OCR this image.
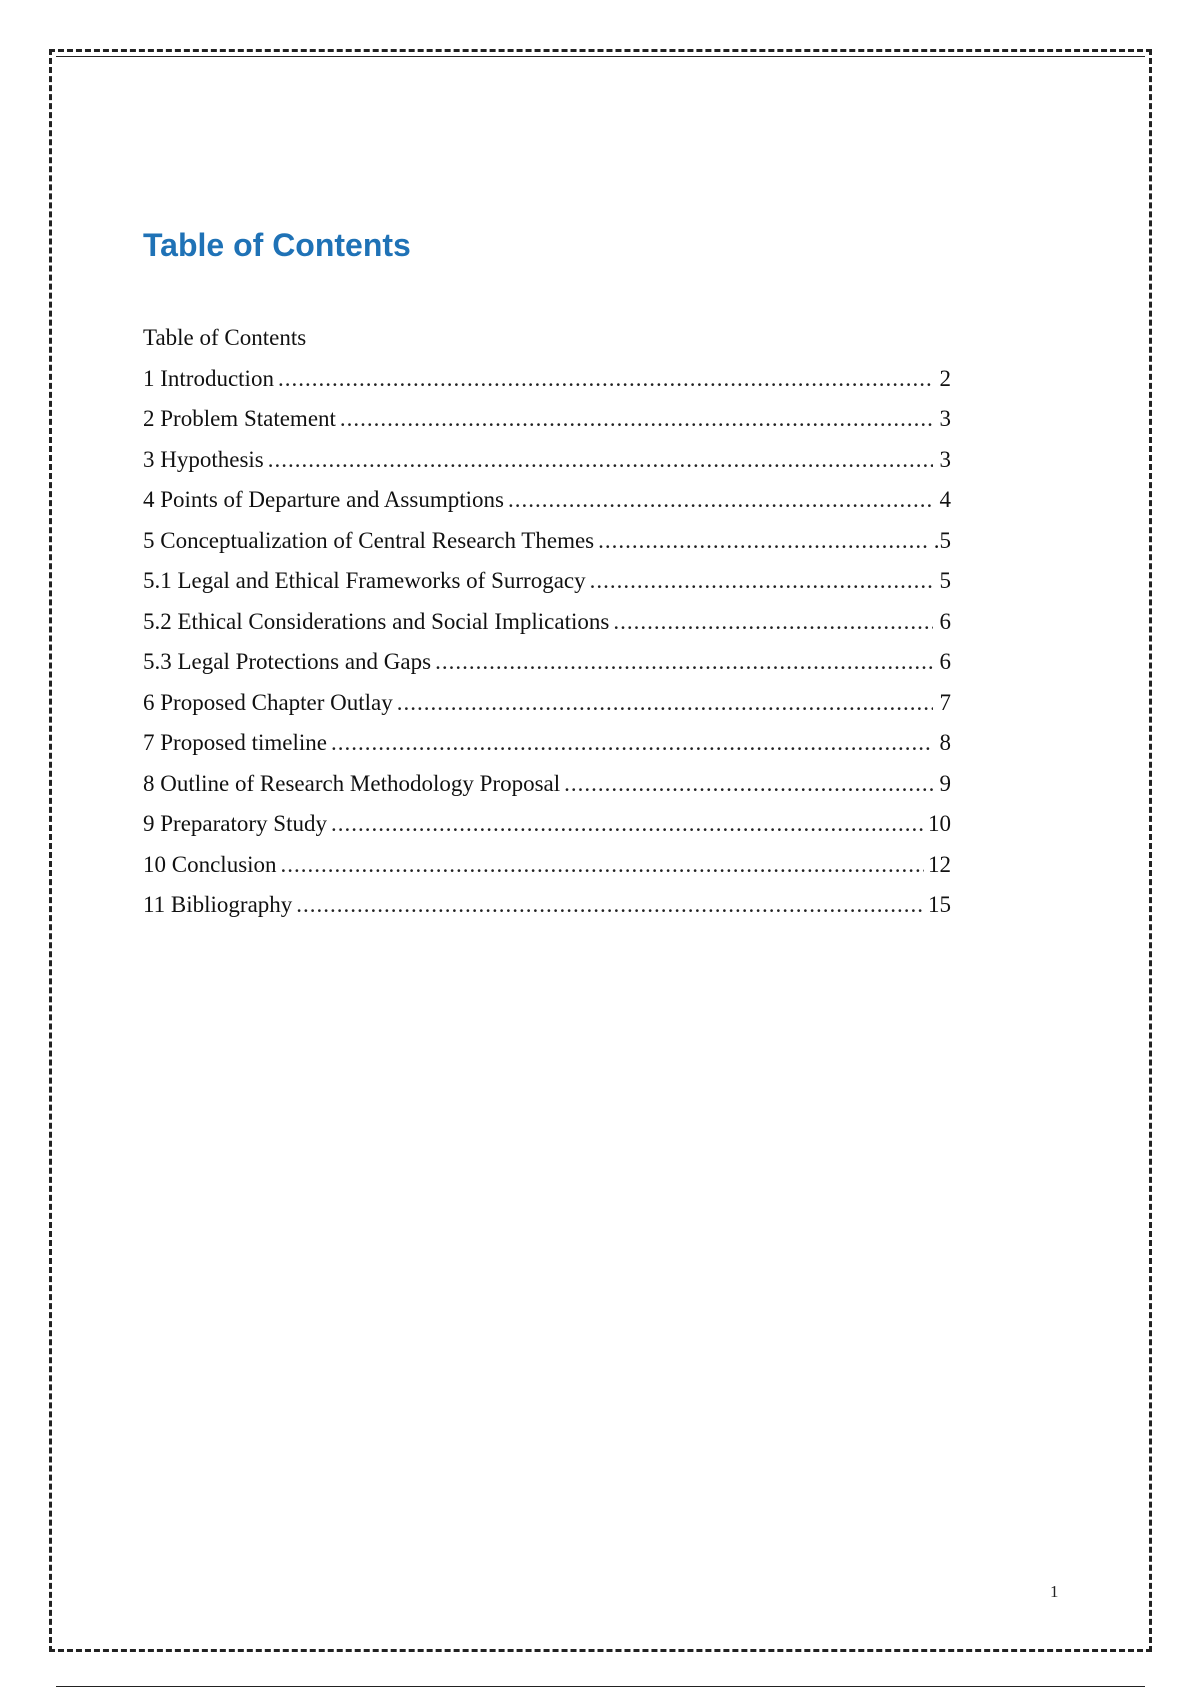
Table of Contents
Table of Contents
1 Introduction .....	2
2 Problem Statement .....	3
3 Hypothesis .....	3
4 Points of Departure and Assumptions .....	4
5 Conceptualization of Central Research Themes .....	.5
5.1 Legal and Ethical Frameworks of Surrogacy .....	5
5.2 Ethical Considerations and Social Implications .....	6
5.3 Legal Protections and Gaps .....	6
6 Proposed Chapter Outlay .....	7
7 Proposed timeline .....	8
8 Outline of Research Methodology Proposal .....	9
9 Preparatory Study .....	10
10 Conclusion .....	12
11 Bibliography .....	15
1
